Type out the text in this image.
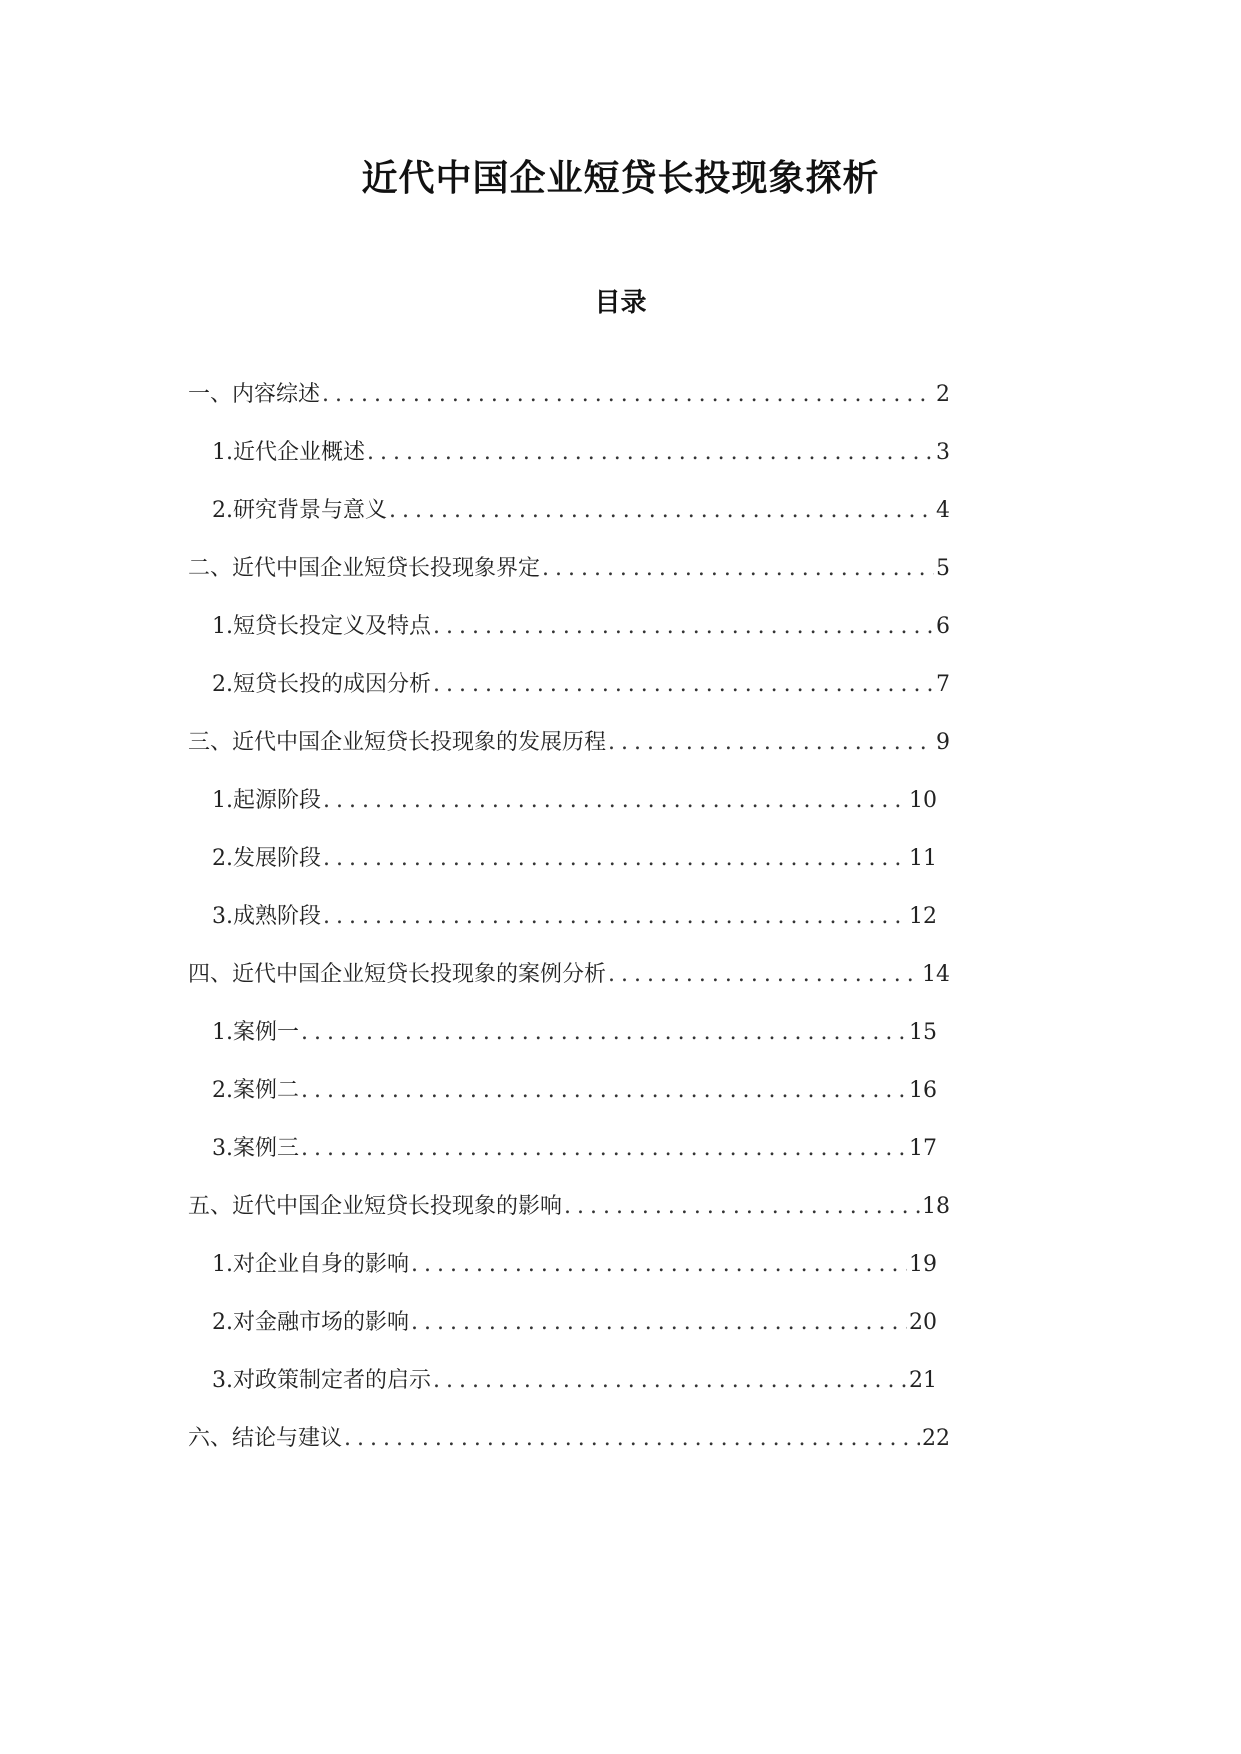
近代中国企业短贷长投现象探析
目录
一、内容综述 . . .	2
1. 近代企业概述 . . .	3
2. 研究背景与意义 . . .	4
二、近代中国企业短贷长投现象界定 . . .	5
1. 短贷长投定义及特点 . . .	6
2. 短贷长投的成因分析 . . .	7
三、近代中国企业短贷长投现象的发展历程 . . .	9
1. 起源阶段 . . .	10
2. 发展阶段 . . .	11
3. 成熟阶段 . . .	12
四、近代中国企业短贷长投现象的案例分析 . . .	14
1. 案例一 . . .	15
2. 案例二 . . .	16
3. 案例三 . . .	17
五、近代中国企业短贷长投现象的影响 . . .	18
1. 对企业自身的影响 . . .	19
2. 对金融市场的影响 . . .	20
3. 对政策制定者的启示 . . .	21
六、结论与建议 . . .	22
